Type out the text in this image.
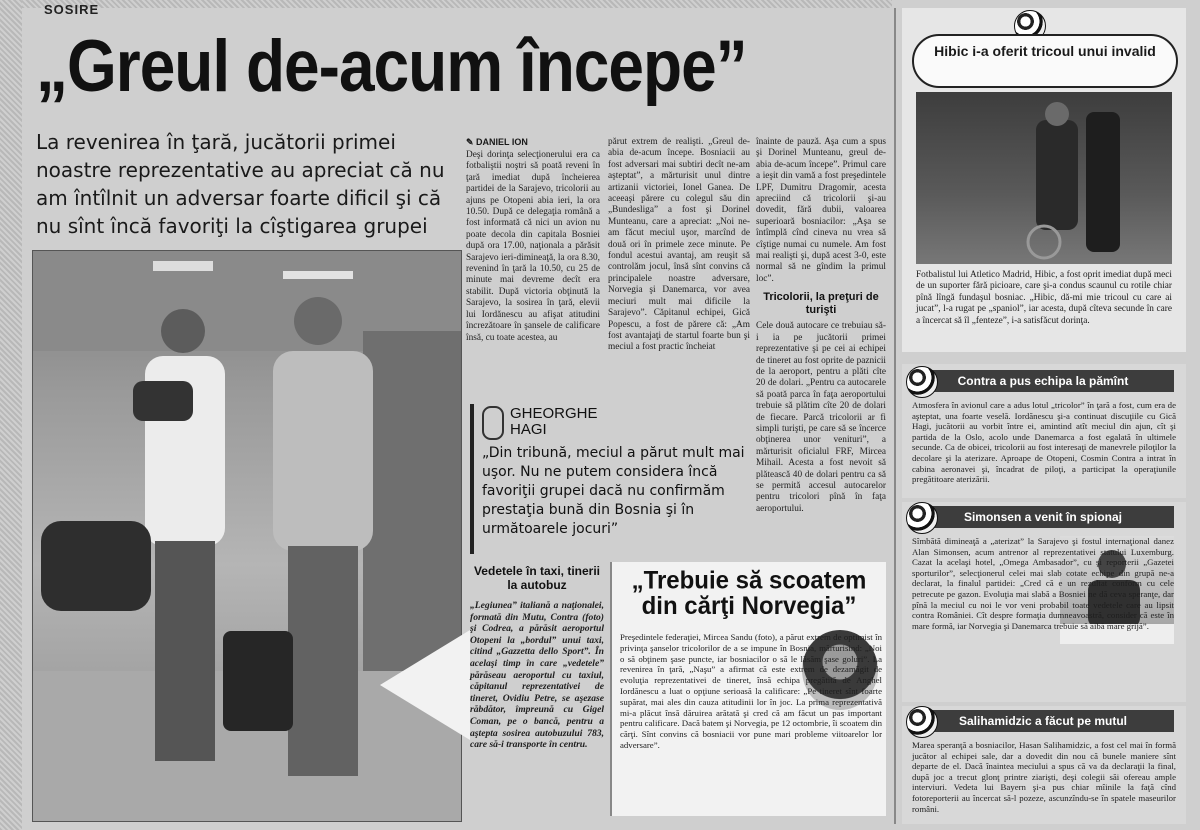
SOSIRE
„Greul de-acum începe”
La revenirea în ţară, jucătorii primei noastre reprezentative au apreciat că nu am întîlnit un adversar foarte dificil şi că nu sînt încă favoriţi la cîştigarea grupei
✎ DANIEL ION

Deşi dorinţa selecţionerului era ca fotbaliştii noştri să poată reveni în ţară imediat după încheierea partidei de la Sarajevo, tricolorii au ajuns pe Otopeni abia ieri, la ora 10.50. După ce delegaţia română a fost informată că nici un avion nu poate decola din capitala Bosniei după ora 17.00, naţionala a părăsit Sarajevo ieri-dimineaţă, la ora 8.30, revenind în ţară la 10.50, cu 25 de minute mai devreme decît era stabilit. După victoria obţinută la Sarajevo, la sosirea în ţară, elevii lui Iordănescu au afişat atitudini încrezătoare în şansele de calificare însă, cu toate acestea, au

părut extrem de realişti. „Greul de-abia de-acum începe. Bosniacii au fost adversari mai subtiri decît ne-am aşteptat”, a mărturisit unul dintre artizanii victoriei, Ionel Ganea. De aceeaşi părere cu colegul său din „Bundesliga” a fost şi Dorinel Munteanu, care a apreciat: „Noi ne-am făcut meciul uşor, marcînd de două ori în primele zece minute. Pe fondul acestui avantaj, am reuşit să controlăm jocul, însă sînt convins că principalele noastre adversare, Norvegia şi Danemarca, vor avea meciuri mult mai dificile la Sarajevo”. Căpitanul echipei, Gică Popescu, a fost de părere că: „Am fost avantajaţi de startul foarte bun şi meciul a fost practic încheiat

înainte de pauză. Aşa cum a spus şi Dorinel Munteanu, greul de-abia de-acum începe”. Primul care a ieşit din vamă a fost preşedintele LPF, Dumitru Dragomir, acesta apreciind că tricolorii şi-au dovedit, fără dubii, valoarea superioară bosniacilor: „Aşa se întîmplă cînd cineva nu vrea să cîştige numai cu numele. Am fost mai realişti şi, după acest 3-0, este normal să ne gîndim la primul loc”.

Tricolorii, la preţuri de turişti

Cele două autocare ce trebuiau să-i ia pe jucătorii primei reprezentative şi pe cei ai echipei de tineret au fost oprite de paznicii de la aeroport, pentru a plăti cîte 20 de dolari. „Pentru ca autocarele să poată parca în faţa aeroportului trebuie să plătim cîte 20 de dolari de fiecare. Parcă tricolorii ar fi simpli turişti, pe care să se încerce obţinerea unor venituri”, a mărturisit oficialul FRF, Mircea Mihail. Acesta a fost nevoit să plătească 40 de dolari pentru ca să se permită accesul autocarelor pentru tricolori pînă în faţa aeroportului.

GHEORGHE
HAGI
„Din tribună, meciul a părut mult mai uşor. Nu ne putem considera încă favoriţii grupei dacă nu confirmăm prestaţia bună din Bosnia şi în următoarele jocuri”
Vedetele în taxi, tinerii la autobuz

„Legiunea” italiană a naţionalei, formată din Mutu, Contra (foto) şi Codrea, a părăsit aeroportul Otopeni la „bordul” unui taxi, citind „Gazzetta dello Sport”. În acelaşi timp în care „vedetele” părăseau aeroportul cu taxiul, căpitanul reprezentativei de tineret, Ovidiu Petre, se aşezase răbdător, împreună cu Gigel Coman, pe o bancă, pentru a aştepta sosirea autobuzului 783, care să-i transporte în centru.

„Trebuie să scoatem din cărţi Norvegia”

Preşedintele federaţiei, Mircea Sandu (foto), a părut extrem de optimist în privinţa şanselor tricolorilor de a se impune în Bosnia, mărturisind: „Noi o să obţinem şase puncte, iar bosniacilor o să le lăsăm şase goluri”. La revenirea în ţară, „Naşu” a afirmat că este extrem de dezamăgit de evoluţia reprezentativei de tineret, însă echipa pregătită de Anghel Iordănescu a luat o opţiune serioasă la calificare: „Pe tineret sînt foarte supărat, mai ales din cauza atitudinii lor în joc. La prima reprezentativă mi-a plăcut însă dăruirea arătată şi cred că am făcut un pas important pentru calificare. Dacă batem şi Norvegia, pe 12 octombrie, îi scoatem din cărţi. Sînt convins că bosniacii vor pune mari probleme viitoarelor lor adversare”.

Hibic i-a oferit tricoul unui invalid

Fotbalistul lui Atletico Madrid, Hibic, a fost oprit imediat după meci de un suporter fără picioare, care şi-a condus scaunul cu rotile chiar pînă lîngă fundaşul bosniac. „Hibic, dă-mi mie tricoul cu care ai jucat”, l-a rugat pe „spaniol”, iar acesta, după cîteva secunde în care a încercat să îl „fenteze”, i-a satisfăcut dorinţa.

Contra a pus echipa la pămînt

Atmosfera în avionul care a adus lotul „tricolor” în ţară a fost, cum era de aşteptat, una foarte veselă. Iordănescu şi-a continuat discuţiile cu Gică Hagi, jucătorii au vorbit între ei, amintind atît meciul din ajun, cît şi partida de la Oslo, acolo unde Danemarca a fost egalată în ultimele secunde. Ca de obicei, tricolorii au fost interesaţi de manevrele piloţilor la decolare şi la aterizare. Aproape de Otopeni, Cosmin Contra a intrat în cabina aeronavei şi, încadrat de piloţi, a participat la operaţiunile pregătitoare aterizării.

Simonsen a venit în spionaj

Sîmbătă dimineaţă a „aterizat” la Sarajevo şi fostul internaţional danez Alan Simonsen, acum antrenor al reprezentativei statului Luxemburg. Cazat la acelaşi hotel, „Omega Ambasador”, cu şi reporterii „Gazetei sporturilor”, selecţionerul celei mai slab cotate echipe din grupă ne-a declarat, la finalul partidei: „Cred că e un rezultat conform cu cele petrecute pe gazon. Evoluţia mai slabă a Bosniei ne dă ceva speranţe, dar pînă la meciul cu noi le vor veni probabil toate vedetele care au lipsit contra României. Cît despre formaţia dumneavoastră, consider că este în mare formă, iar Norvegia şi Danemarca trebuie să aibă mare grijă”.

Salihamidzic a făcut pe mutul

Marea speranţă a bosniacilor, Hasan Salihamidzic, a fost cel mai în formă jucător al echipei sale, dar a dovedit din nou că bunele maniere sînt departe de el. Dacă înaintea meciului a spus că va da declaraţii la final, după joc a trecut glonţ printre ziarişti, deşi colegii săi ofereau ample interviuri. Vedeta lui Bayern şi-a pus chiar mîinile la faţă cînd fotoreporterii au încercat să-l pozeze, ascunzîndu-se în spatele maseurilor români.
